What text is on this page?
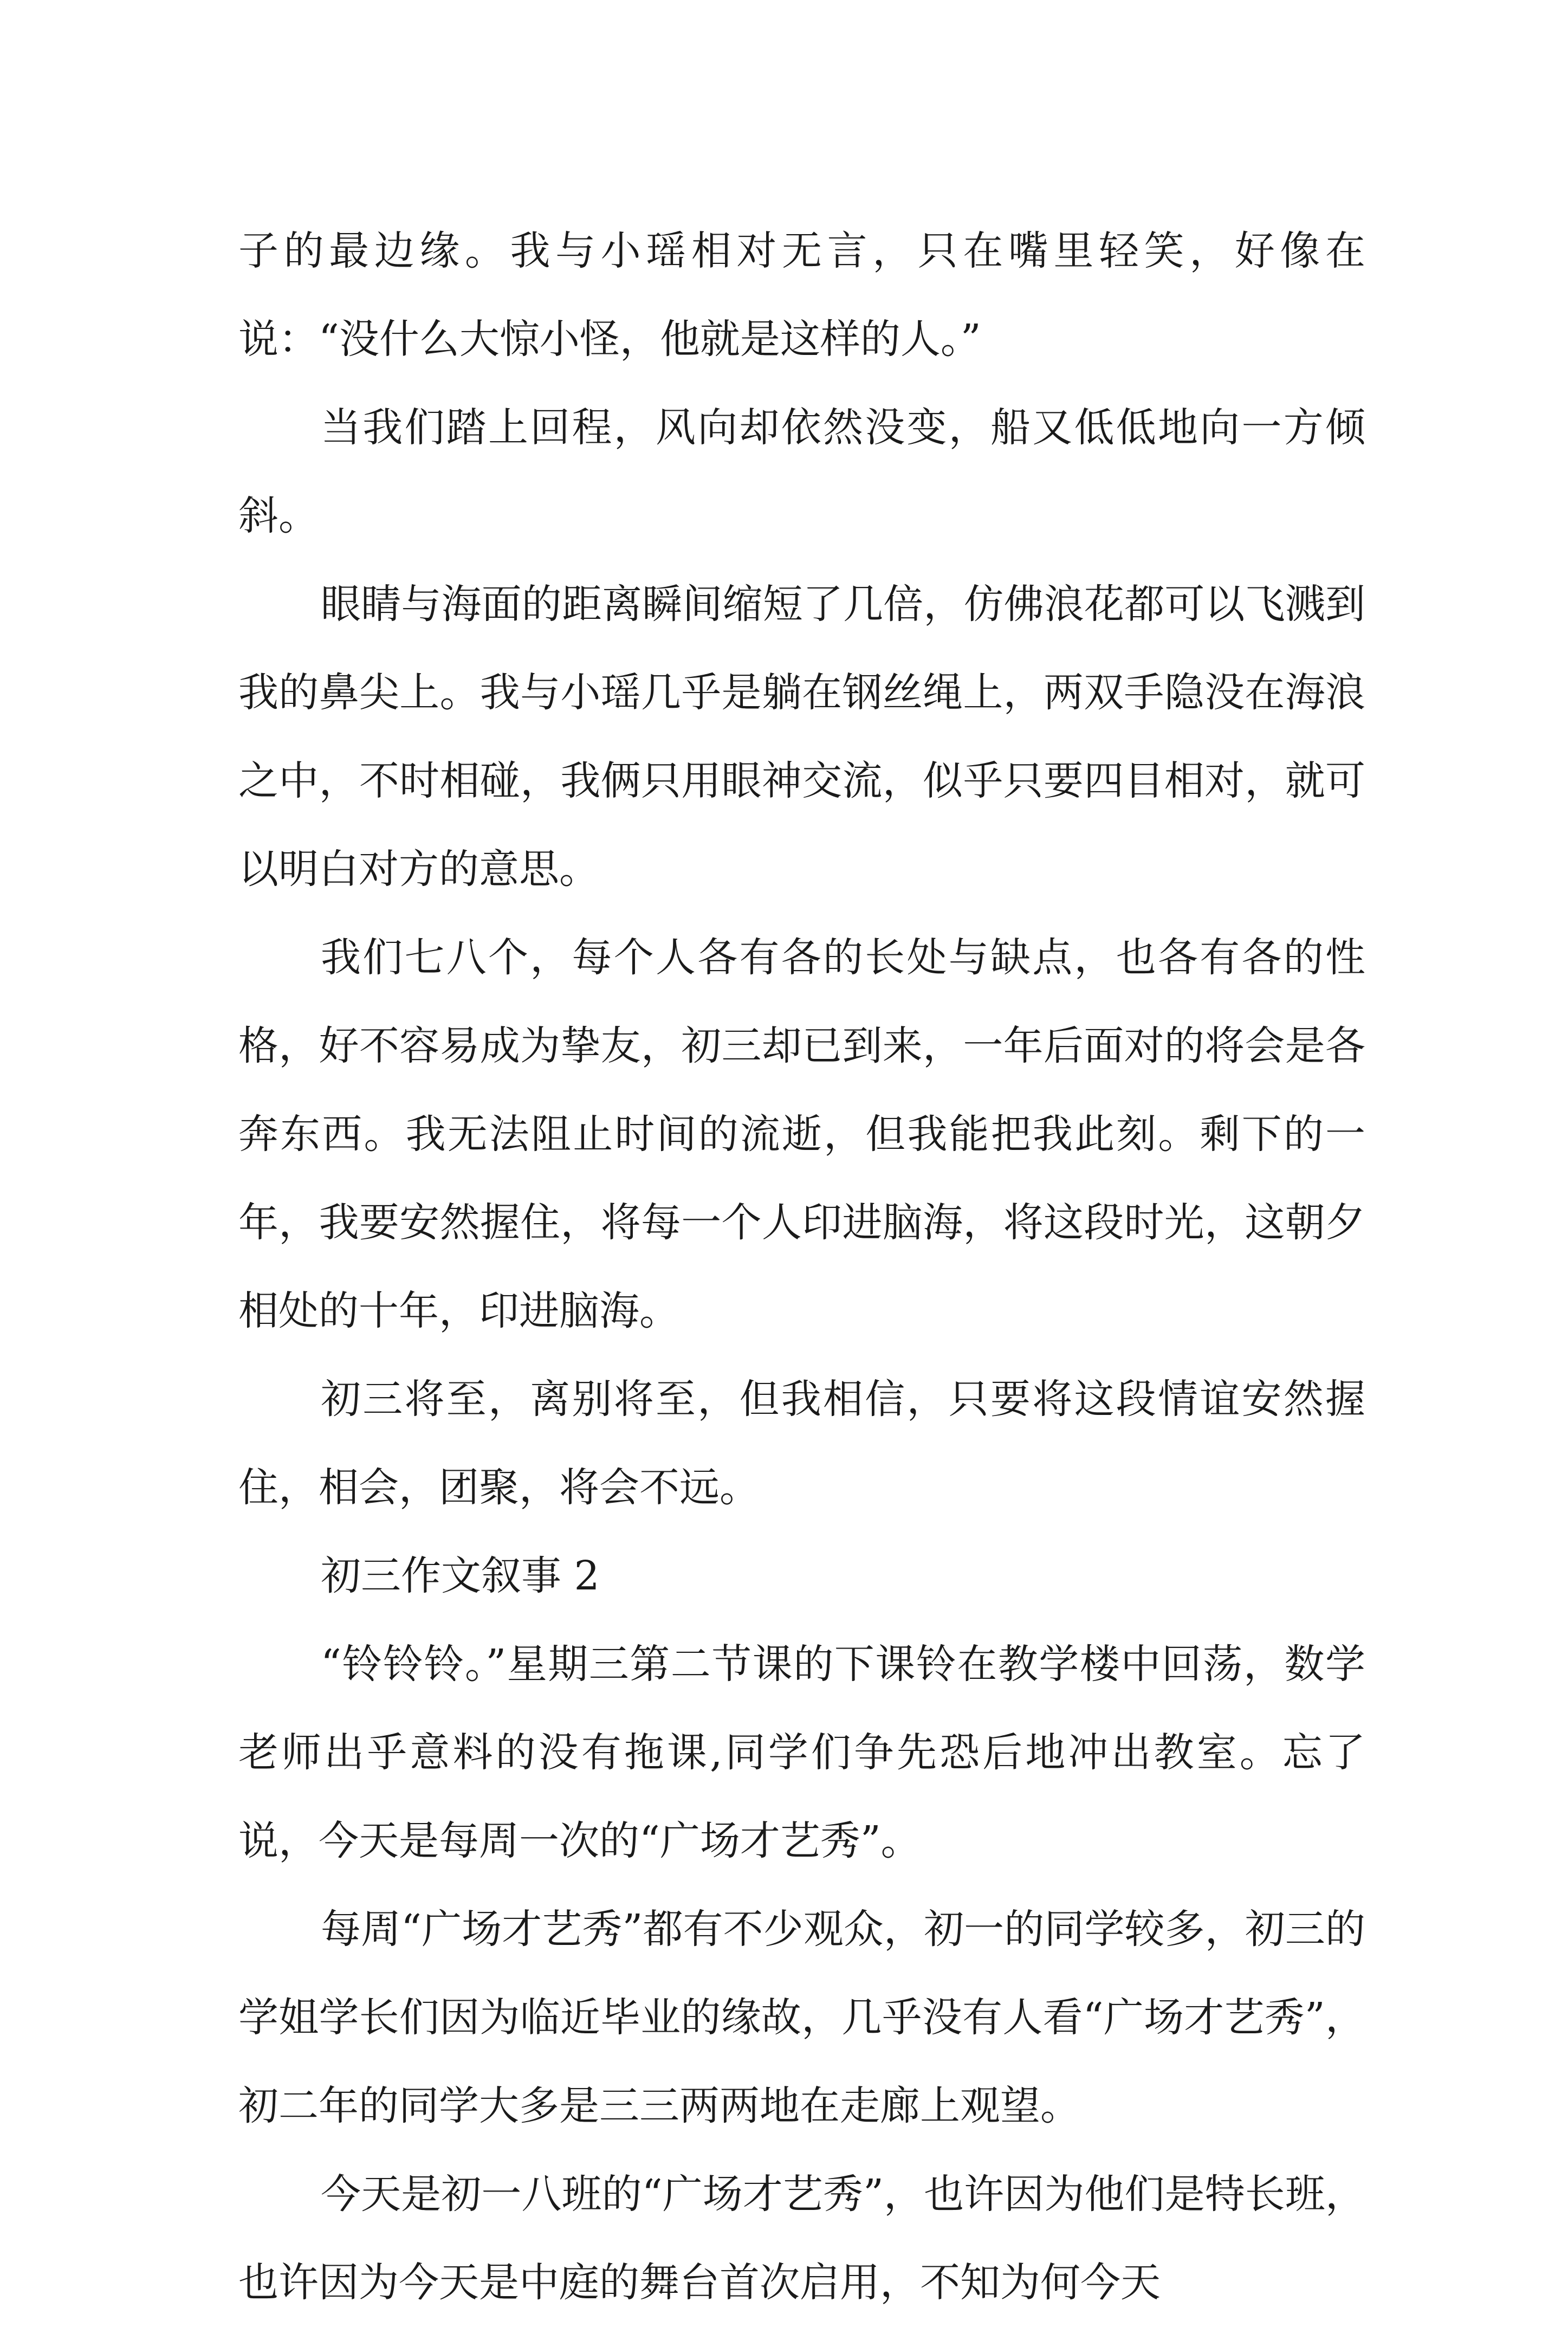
子的最边缘。我与小瑶相对无言，只在嘴里轻笑，好像在说：“没什么大惊小怪，他就是这样的人。”

当我们踏上回程，风向却依然没变，船又低低地向一方倾斜。

眼睛与海面的距离瞬间缩短了几倍，仿佛浪花都可以飞溅到我的鼻尖上。我与小瑶几乎是躺在钢丝绳上，两双手隐没在海浪之中，不时相碰，我俩只用眼神交流，似乎只要四目相对，就可以明白对方的意思。

我们七八个，每个人各有各的长处与缺点，也各有各的性格，好不容易成为挚友，初三却已到来，一年后面对的将会是各奔东西。我无法阻止时间的流逝，但我能把我此刻。剩下的一年，我要安然握住，将每一个人印进脑海，将这段时光，这朝夕相处的十年，印进脑海。

初三将至，离别将至，但我相信，只要将这段情谊安然握住，相会，团聚，将会不远。

初三作文叙事 2

“铃铃铃。”星期三第二节课的下课铃在教学楼中回荡，数学老师出乎意料的没有拖课,同学们争先恐后地冲出教室。忘了说，今天是每周一次的“广场才艺秀”。

每周“广场才艺秀”都有不少观众，初一的同学较多，初三的学姐学长们因为临近毕业的缘故，几乎没有人看“广场才艺秀”，初二年的同学大多是三三两两地在走廊上观望。

今天是初一八班的“广场才艺秀”，也许因为他们是特长班，也许因为今天是中庭的舞台首次启用，不知为何今天
